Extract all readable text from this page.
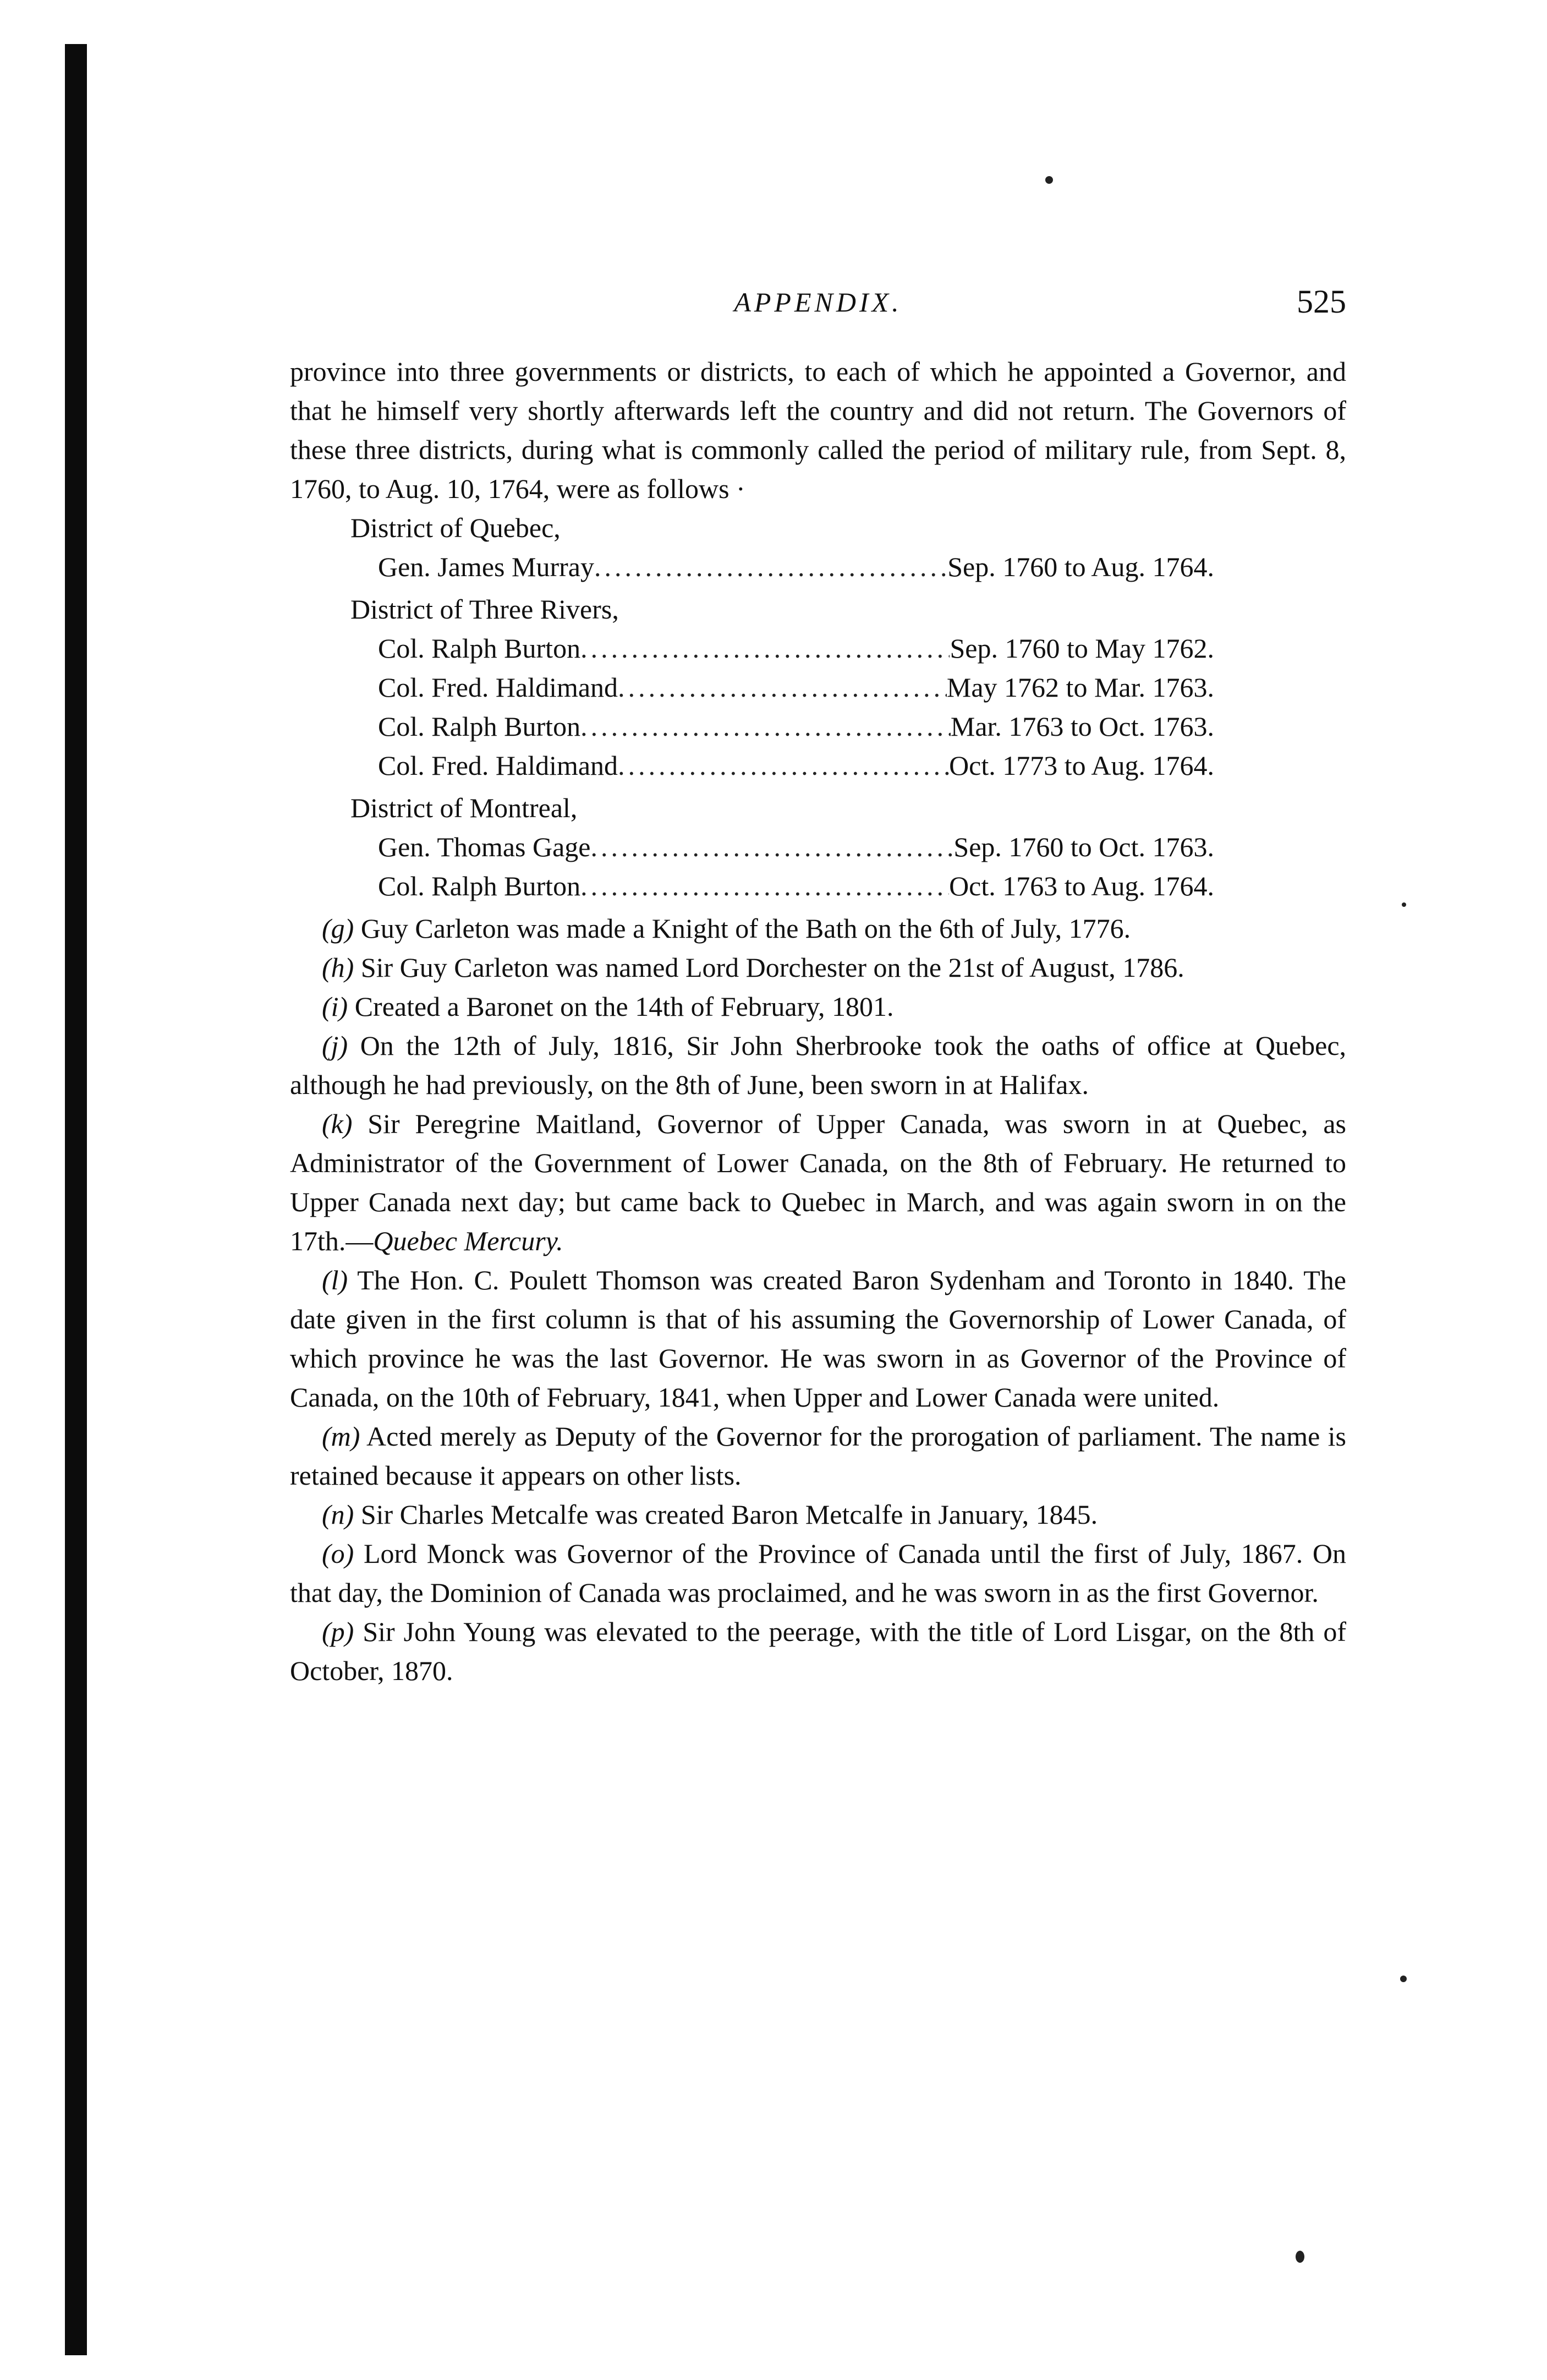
APPENDIX.	525

province into three governments or districts, to each of which he appointed a Governor, and that he himself very shortly afterwards left the country and did not return. The Governors of these three districts, during what is commonly called the period of military rule, from Sept. 8, 1760, to Aug. 10, 1764, were as follows ·

District of Quebec,

Gen. James Murray .....	Sep. 1760 to Aug. 1764.

District of Three Rivers,

Col. Ralph Burton .....	Sep. 1760 to May 1762.
Col. Fred. Haldimand .....	May 1762 to Mar. 1763.
Col. Ralph Burton .....	Mar. 1763 to Oct. 1763.
Col. Fred. Haldimand .....	Oct. 1773 to Aug. 1764.

District of Montreal,

Gen. Thomas Gage .....	Sep. 1760 to Oct. 1763.
Col. Ralph Burton .....	Oct. 1763 to Aug. 1764.

(g) Guy Carleton was made a Knight of the Bath on the 6th of July, 1776.

(h) Sir Guy Carleton was named Lord Dorchester on the 21st of August, 1786.

(i) Created a Baronet on the 14th of February, 1801.

(j) On the 12th of July, 1816, Sir John Sherbrooke took the oaths of office at Quebec, although he had previously, on the 8th of June, been sworn in at Halifax.

(k) Sir Peregrine Maitland, Governor of Upper Canada, was sworn in at Quebec, as Administrator of the Government of Lower Canada, on the 8th of February. He returned to Upper Canada next day; but came back to Quebec in March, and was again sworn in on the 17th.—Quebec Mercury.

(l) The Hon. C. Poulett Thomson was created Baron Sydenham and Toronto in 1840. The date given in the first column is that of his assuming the Governorship of Lower Canada, of which province he was the last Governor. He was sworn in as Governor of the Province of Canada, on the 10th of February, 1841, when Upper and Lower Canada were united.

(m) Acted merely as Deputy of the Governor for the prorogation of parliament. The name is retained because it appears on other lists.

(n) Sir Charles Metcalfe was created Baron Metcalfe in January, 1845.

(o) Lord Monck was Governor of the Province of Canada until the first of July, 1867. On that day, the Dominion of Canada was proclaimed, and he was sworn in as the first Governor.

(p) Sir John Young was elevated to the peerage, with the title of Lord Lisgar, on the 8th of October, 1870.
